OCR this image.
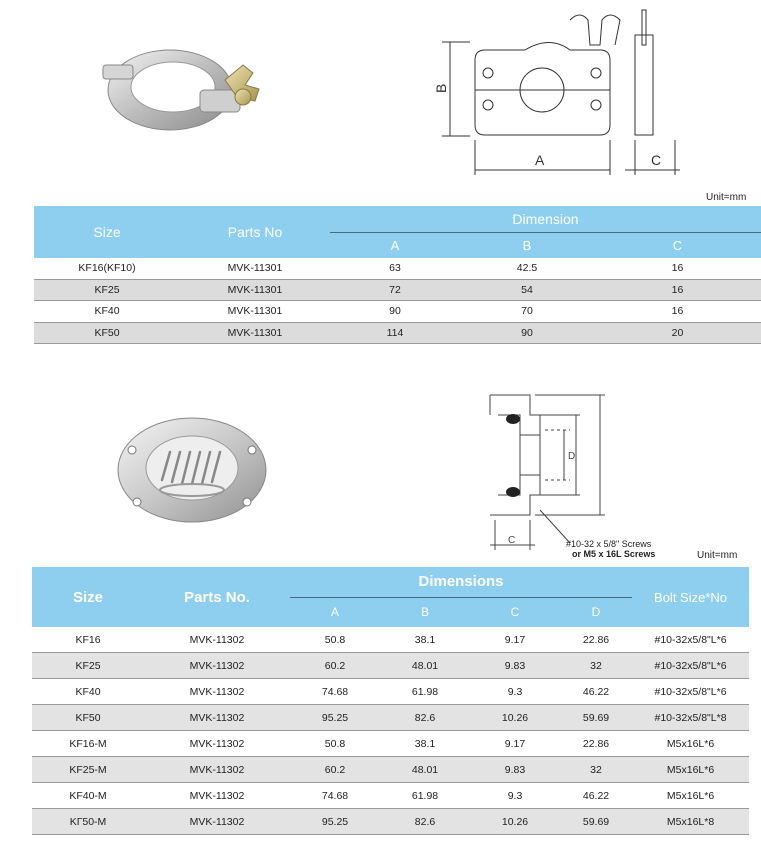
B
A	C
Unit=mm
Size	Parts No	Dimension		
		A	B	C
KF16(KF10)	MVK-11301	63	42.5	16
KF25	MVK-11301	72	54	16
KF40	MVK-11301	90	70	16
KF50	MVK-11301	114	90	20
D
C	#10-32 x 5/8" Screws
or M5 x 16L Screws	Unit=mm
Size	Parts No.	Dimensions				Bolt Size*No
		A	B	C	D	
KF16	MVK-11302	50.8	38.1	9.17	22.86	#10-32x5/8"L*6
KF25	MVK-11302	60.2	48.01	9.83	32	#10-32x5/8"L*6
KF40	MVK-11302	74.68	61.98	9.3	46.22	#10-32x5/8"L*6
KF50	MVK-11302	95.25	82.6	10.26	59.69	#10-32x5/8"L*8
KF16-M	MVK-11302	50.8	38.1	9.17	22.86	M5x16L*6
KF25-M	MVK-11302	60.2	48.01	9.83	32	M5x16L*6
KF40-M	MVK-11302	74.68	61.98	9.3	46.22	M5x16L*6
KГ50-M	MVK-11302	95.25	82.6	10.26	59.69	M5x16L*8
